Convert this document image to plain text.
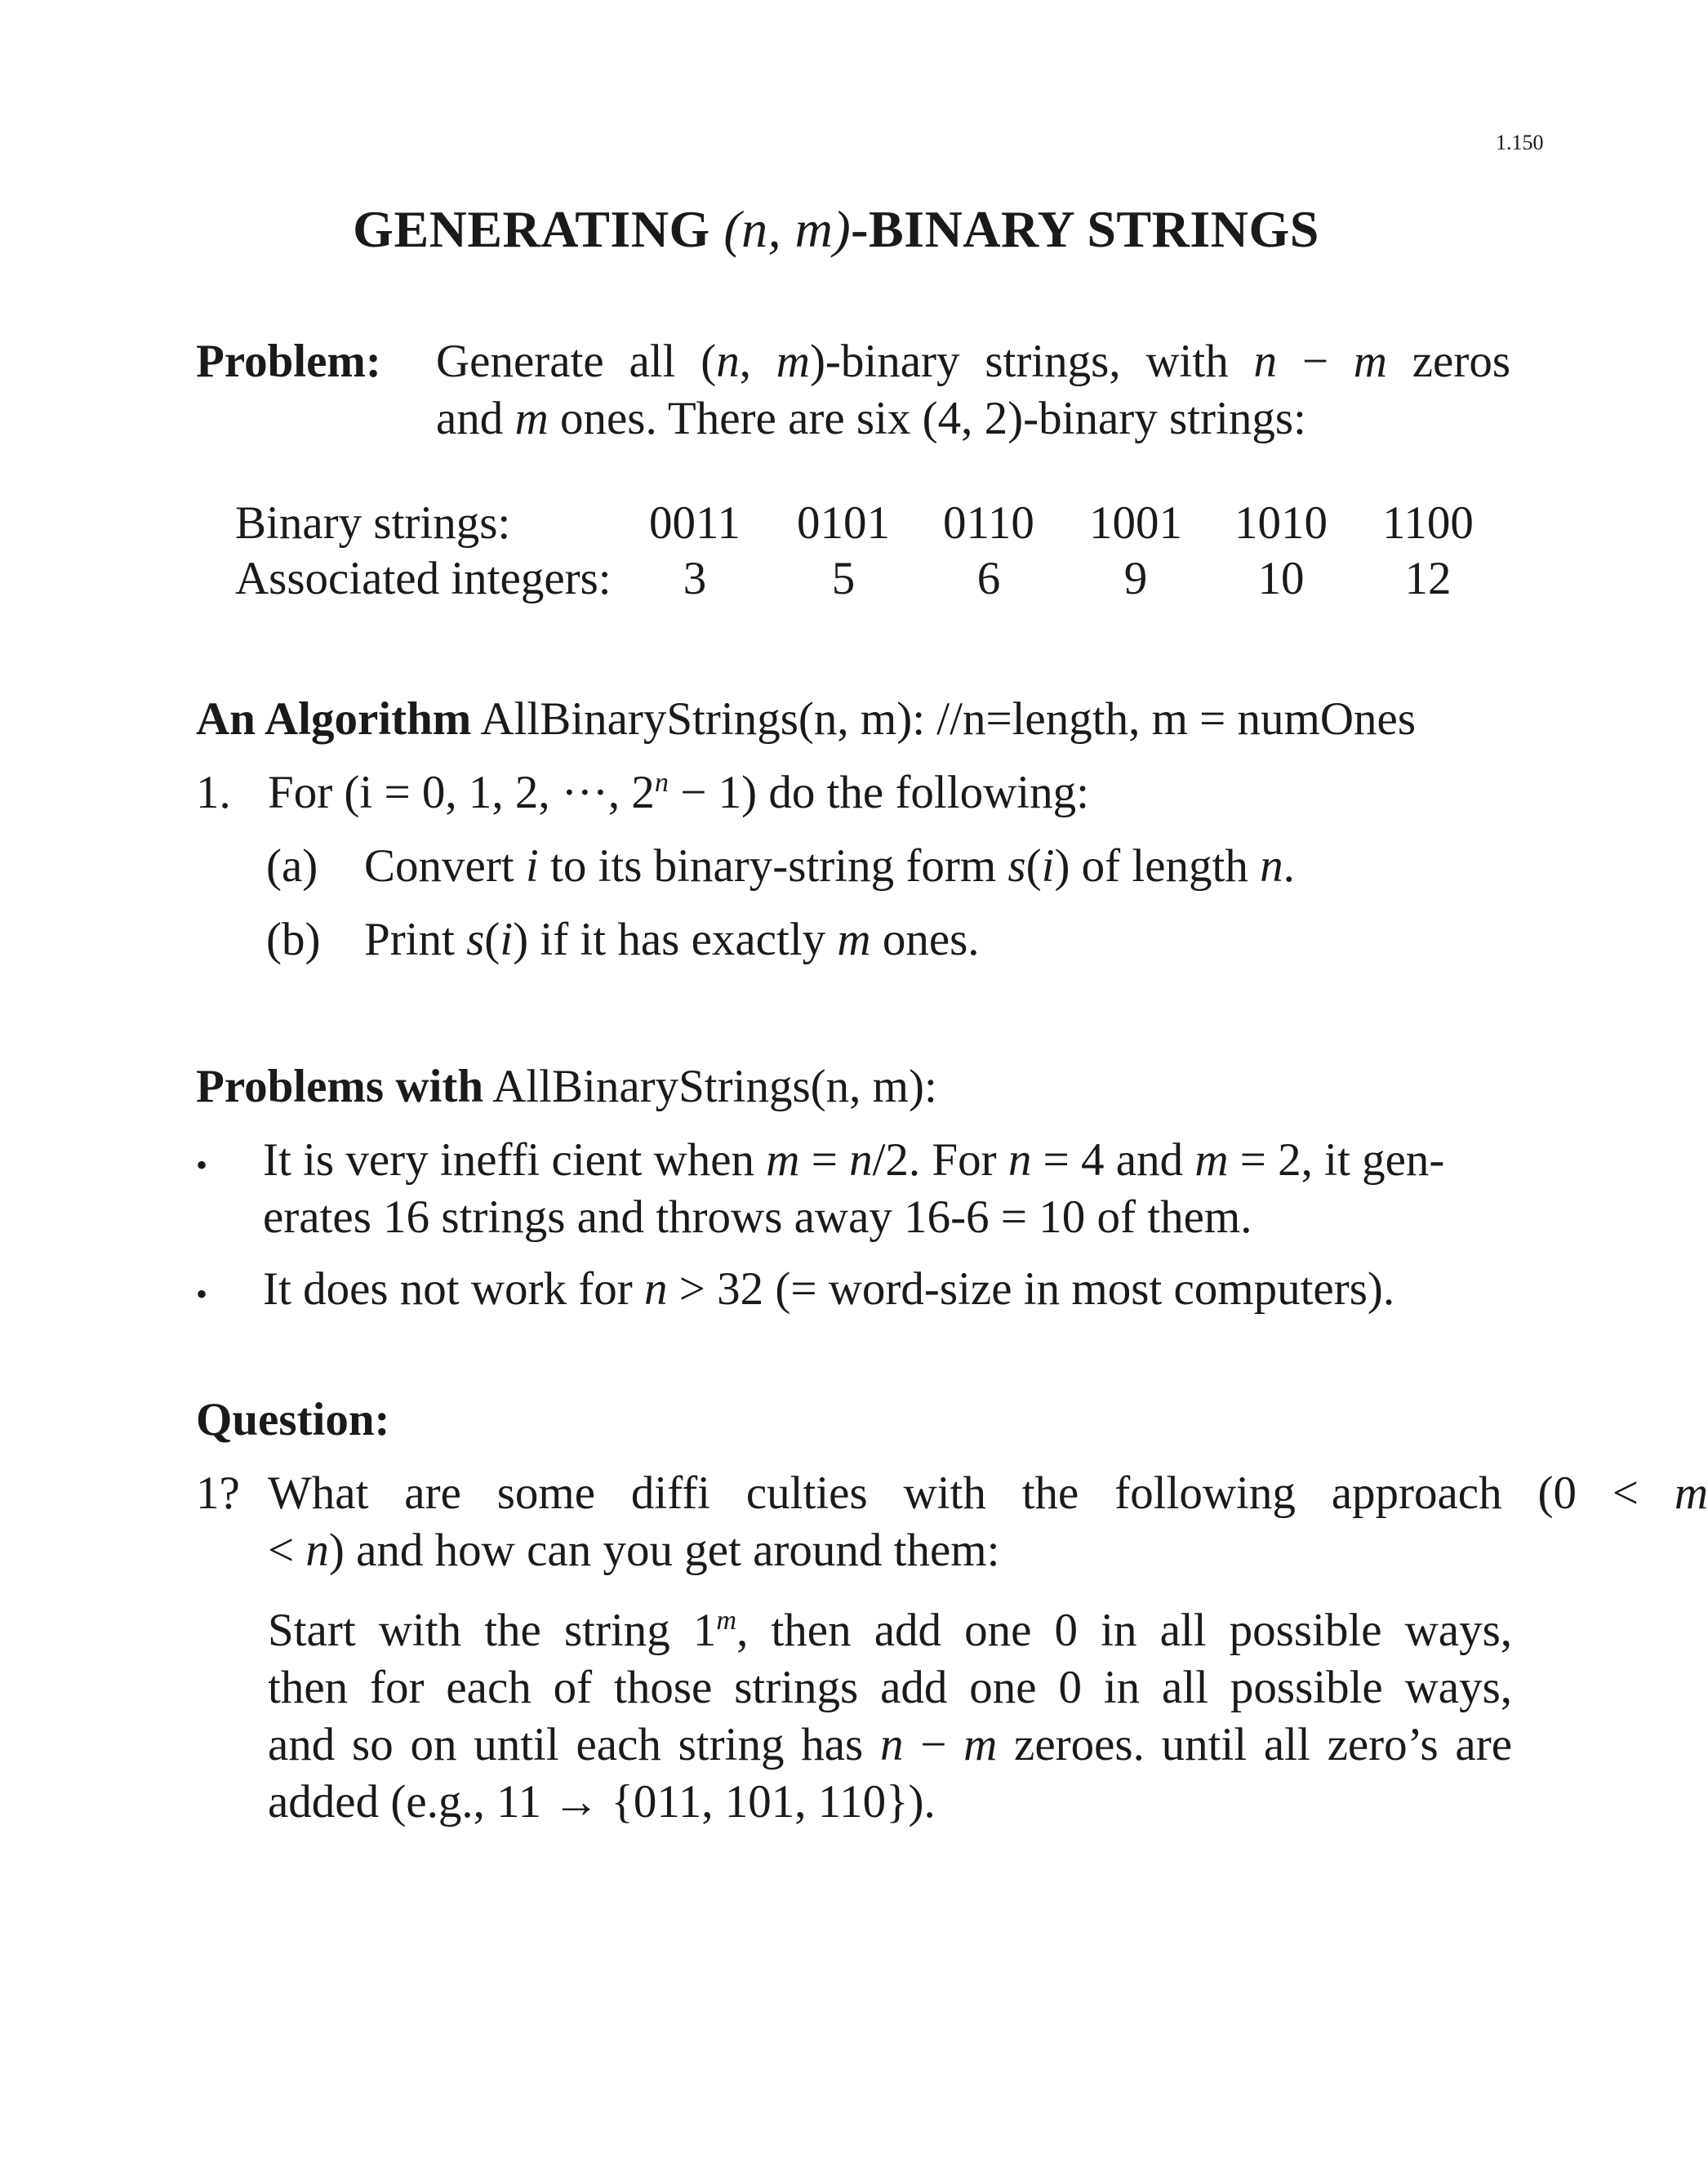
1.150
GENERATING (n, m)-BINARY STRINGS
Problem: Generate all (n, m)-binary strings, with n − m zeros
and m ones. There are six (4, 2)-binary strings:
Binary strings:	0011 0101 0110 1001 1010 1100
Associated integers:	3	5	6	9	10	12
An Algorithm AllBinaryStrings(n, m): //n=length, m = numOnes
1. For (i = 0, 1, 2, ···, $2^n - 1$) do the following:
(a) Convert i to its binary-string form s(i) of length n.
(b) Print s(i) if it has exactly m ones.
Problems with AllBinaryStrings(n, m):
• It is very ineffi cient when m = n/2. For n = 4 and m = 2, it gen-
erates 16 strings and throws away 16-6 = 10 of them.
• It does not work for n > 32 (= word-size in most computers).
Question:
1? What are some diffi culties with the following approach (0 < m
< n) and how can you get around them:
Start with the string 1$^m$, then add one 0 in all possible ways,
then for each of those strings add one 0 in all possible ways,
and so on until each string has n − m zeroes. until all zero’s are
added (e.g., 11 → {011, 101, 110}).
